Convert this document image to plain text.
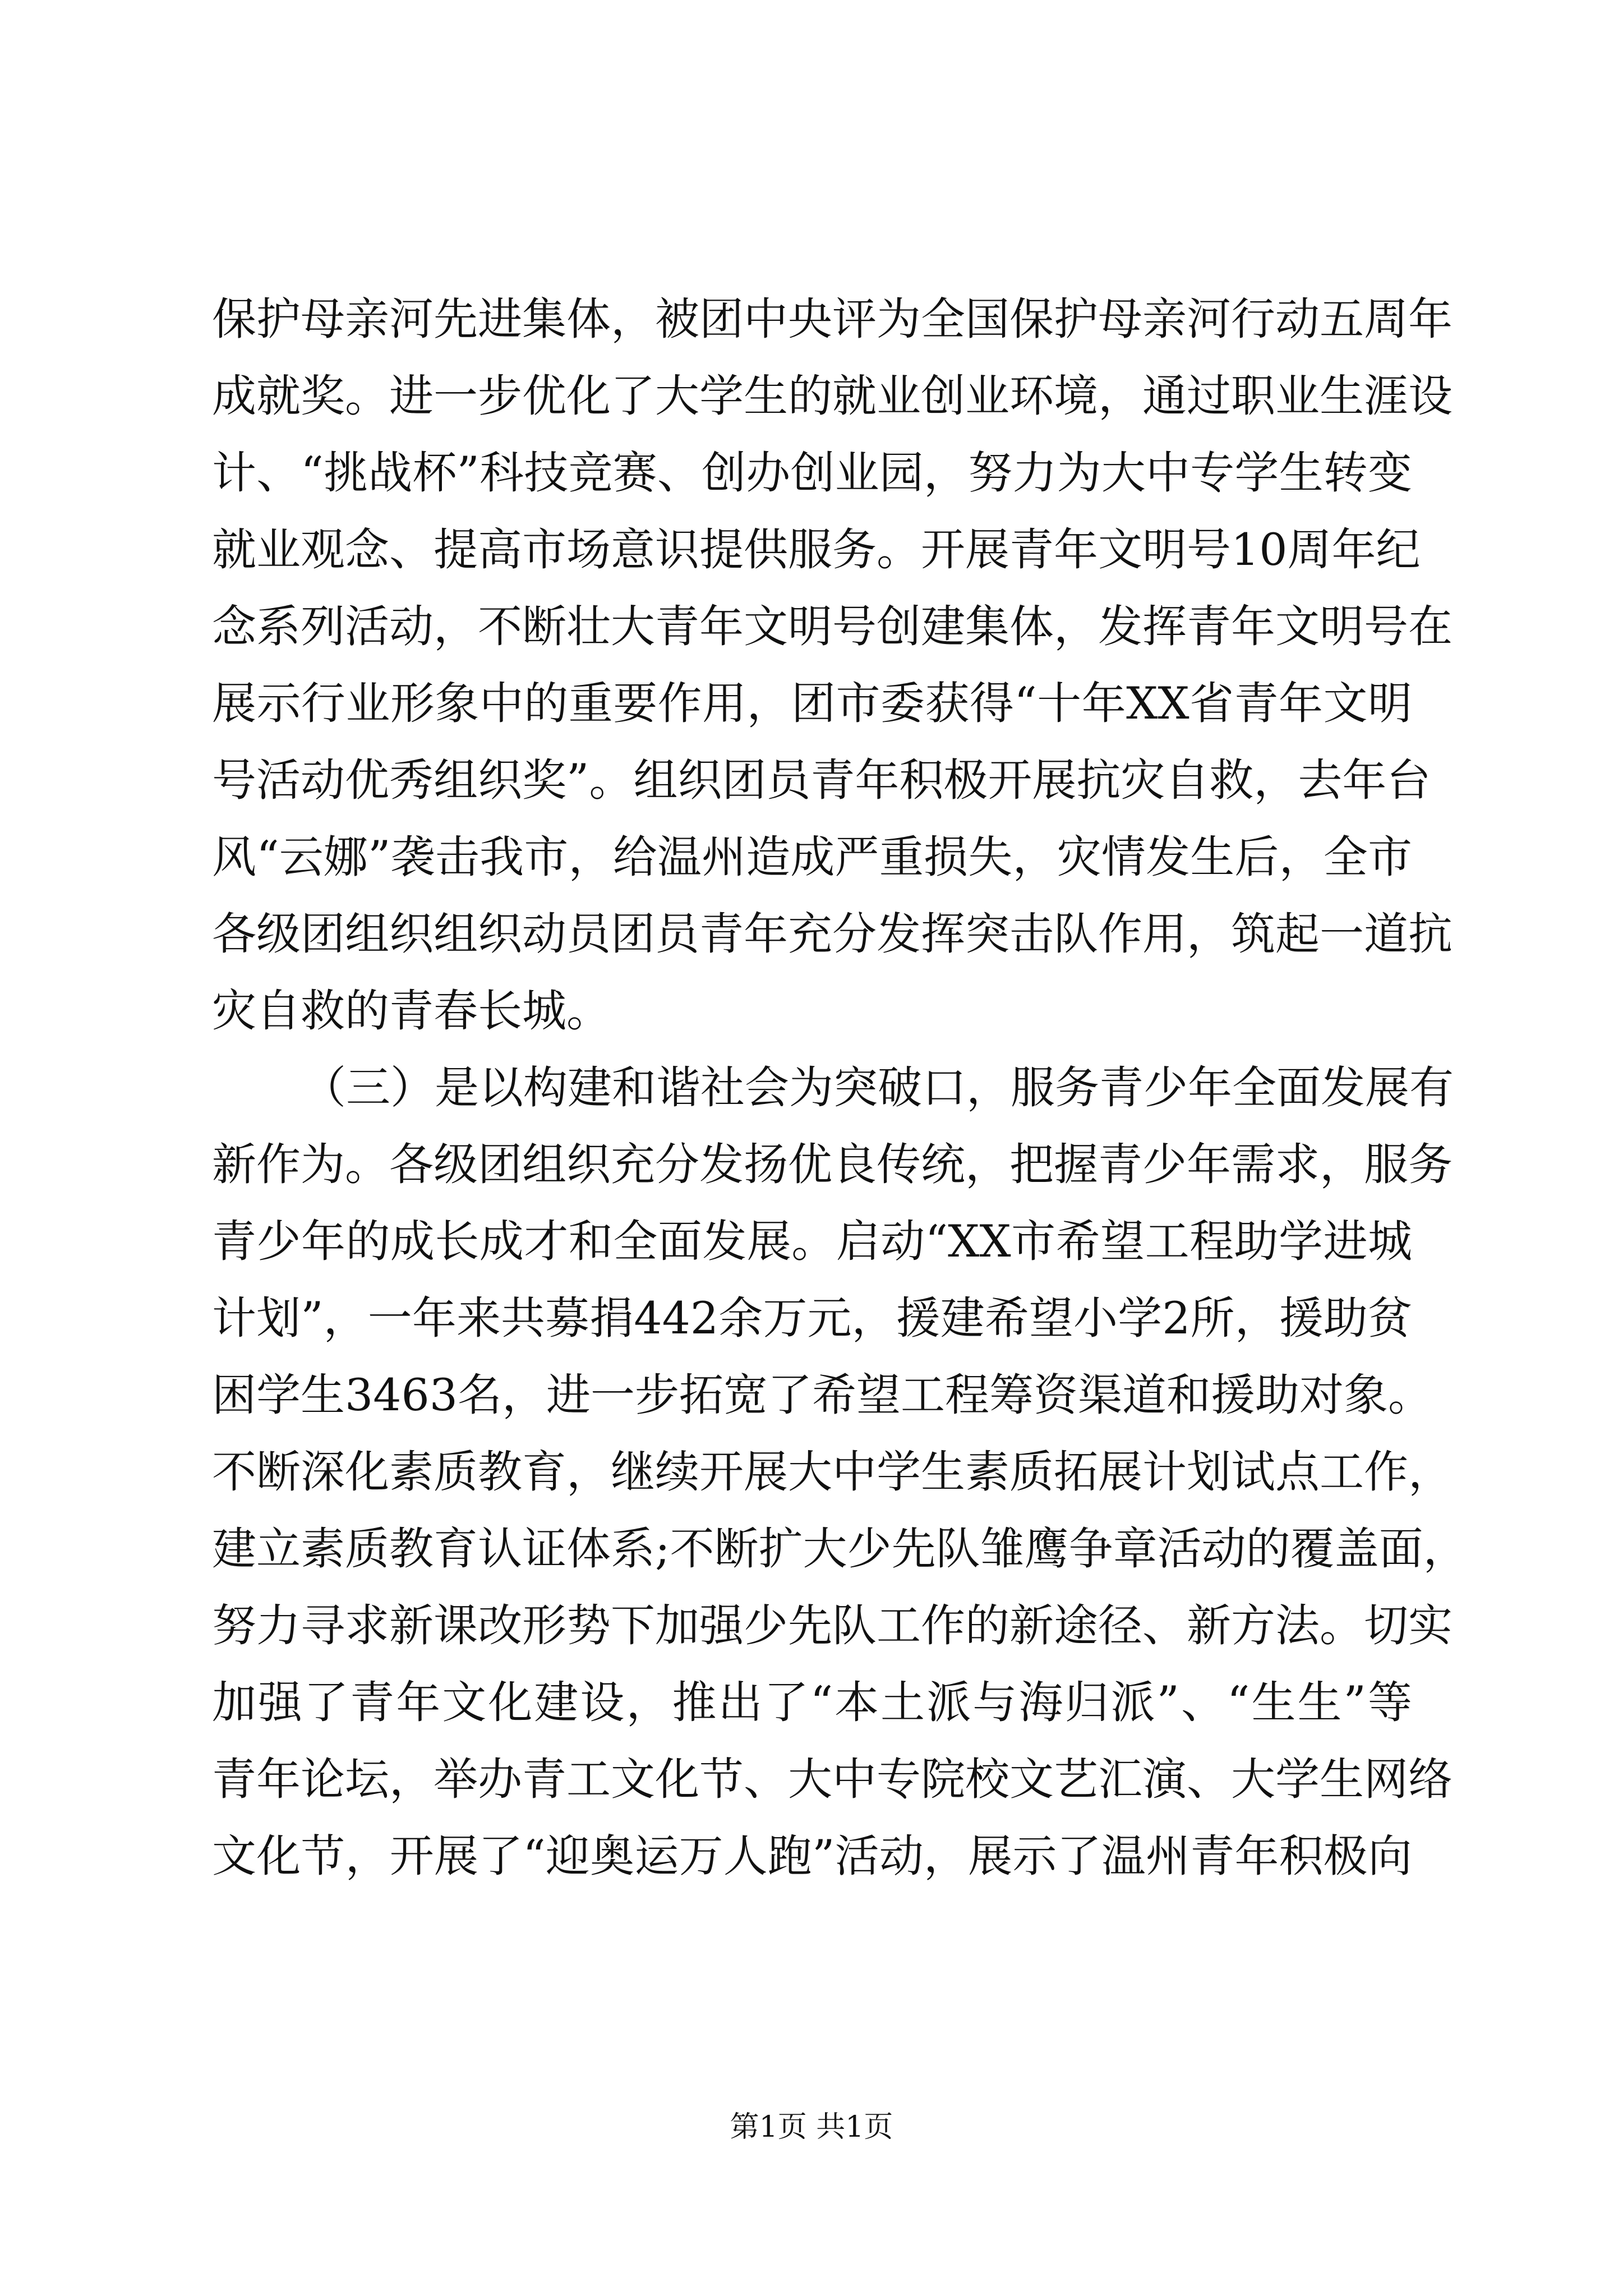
保护母亲河先进集体，被团中央评为全国保护母亲河行动五周年
成就奖。进一步优化了大学生的就业创业环境，通过职业生涯设
计、“挑战杯”科技竞赛、创办创业园，努力为大中专学生转变
就业观念、提高市场意识提供服务。开展青年文明号10周年纪
念系列活动，不断壮大青年文明号创建集体，发挥青年文明号在
展示行业形象中的重要作用，团市委获得“十年XX省青年文明
号活动优秀组织奖”。组织团员青年积极开展抗灾自救，去年台
风“云娜”袭击我市，给温州造成严重损失，灾情发生后，全市
各级团组织组织动员团员青年充分发挥突击队作用，筑起一道抗
灾自救的青春长城。
（三）是以构建和谐社会为突破口，服务青少年全面发展有
新作为。各级团组织充分发扬优良传统，把握青少年需求，服务
青少年的成长成才和全面发展。启动“XX市希望工程助学进城
计划”，一年来共募捐442余万元，援建希望小学2所，援助贫
困学生3463名，进一步拓宽了希望工程筹资渠道和援助对象。
不断深化素质教育，继续开展大中学生素质拓展计划试点工作，
建立素质教育认证体系;不断扩大少先队雏鹰争章活动的覆盖面，
努力寻求新课改形势下加强少先队工作的新途径、新方法。切实
加强了青年文化建设，推出了“本土派与海归派”、“生生”等
青年论坛，举办青工文化节、大中专院校文艺汇演、大学生网络
文化节，开展了“迎奥运万人跑”活动，展示了温州青年积极向
第1页 共1页
